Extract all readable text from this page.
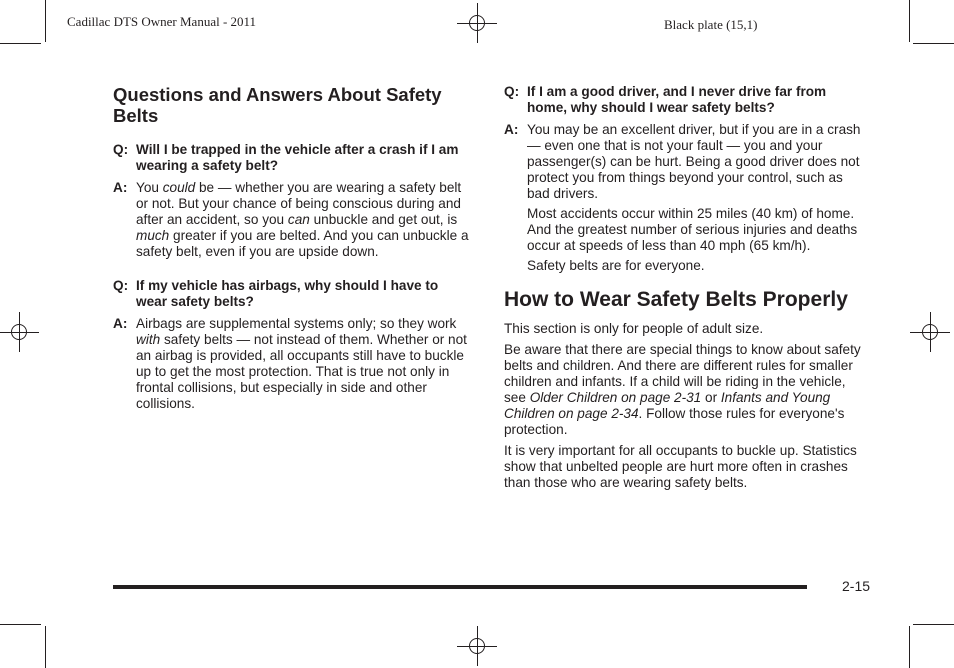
Cadillac DTS Owner Manual - 2011	Black plate (15,1)
Questions and Answers About Safety Belts
Q: Will I be trapped in the vehicle after a crash if I am wearing a safety belt?
A: You could be — whether you are wearing a safety belt or not. But your chance of being conscious during and after an accident, so you can unbuckle and get out, is much greater if you are belted. And you can unbuckle a safety belt, even if you are upside down.
Q: If my vehicle has airbags, why should I have to wear safety belts?
A: Airbags are supplemental systems only; so they work with safety belts — not instead of them. Whether or not an airbag is provided, all occupants still have to buckle up to get the most protection. That is true not only in frontal collisions, but especially in side and other collisions.
Q: If I am a good driver, and I never drive far from home, why should I wear safety belts?
A: You may be an excellent driver, but if you are in a crash — even one that is not your fault — you and your passenger(s) can be hurt. Being a good driver does not protect you from things beyond your control, such as bad drivers.

Most accidents occur within 25 miles (40 km) of home. And the greatest number of serious injuries and deaths occur at speeds of less than 40 mph (65 km/h).

Safety belts are for everyone.

How to Wear Safety Belts Properly

This section is only for people of adult size.

Be aware that there are special things to know about safety belts and children. And there are different rules for smaller children and infants. If a child will be riding in the vehicle, see Older Children on page 2-31 or Infants and Young Children on page 2-34. Follow those rules for everyone's protection.

It is very important for all occupants to buckle up. Statistics show that unbelted people are hurt more often in crashes than those who are wearing safety belts.

2-15
